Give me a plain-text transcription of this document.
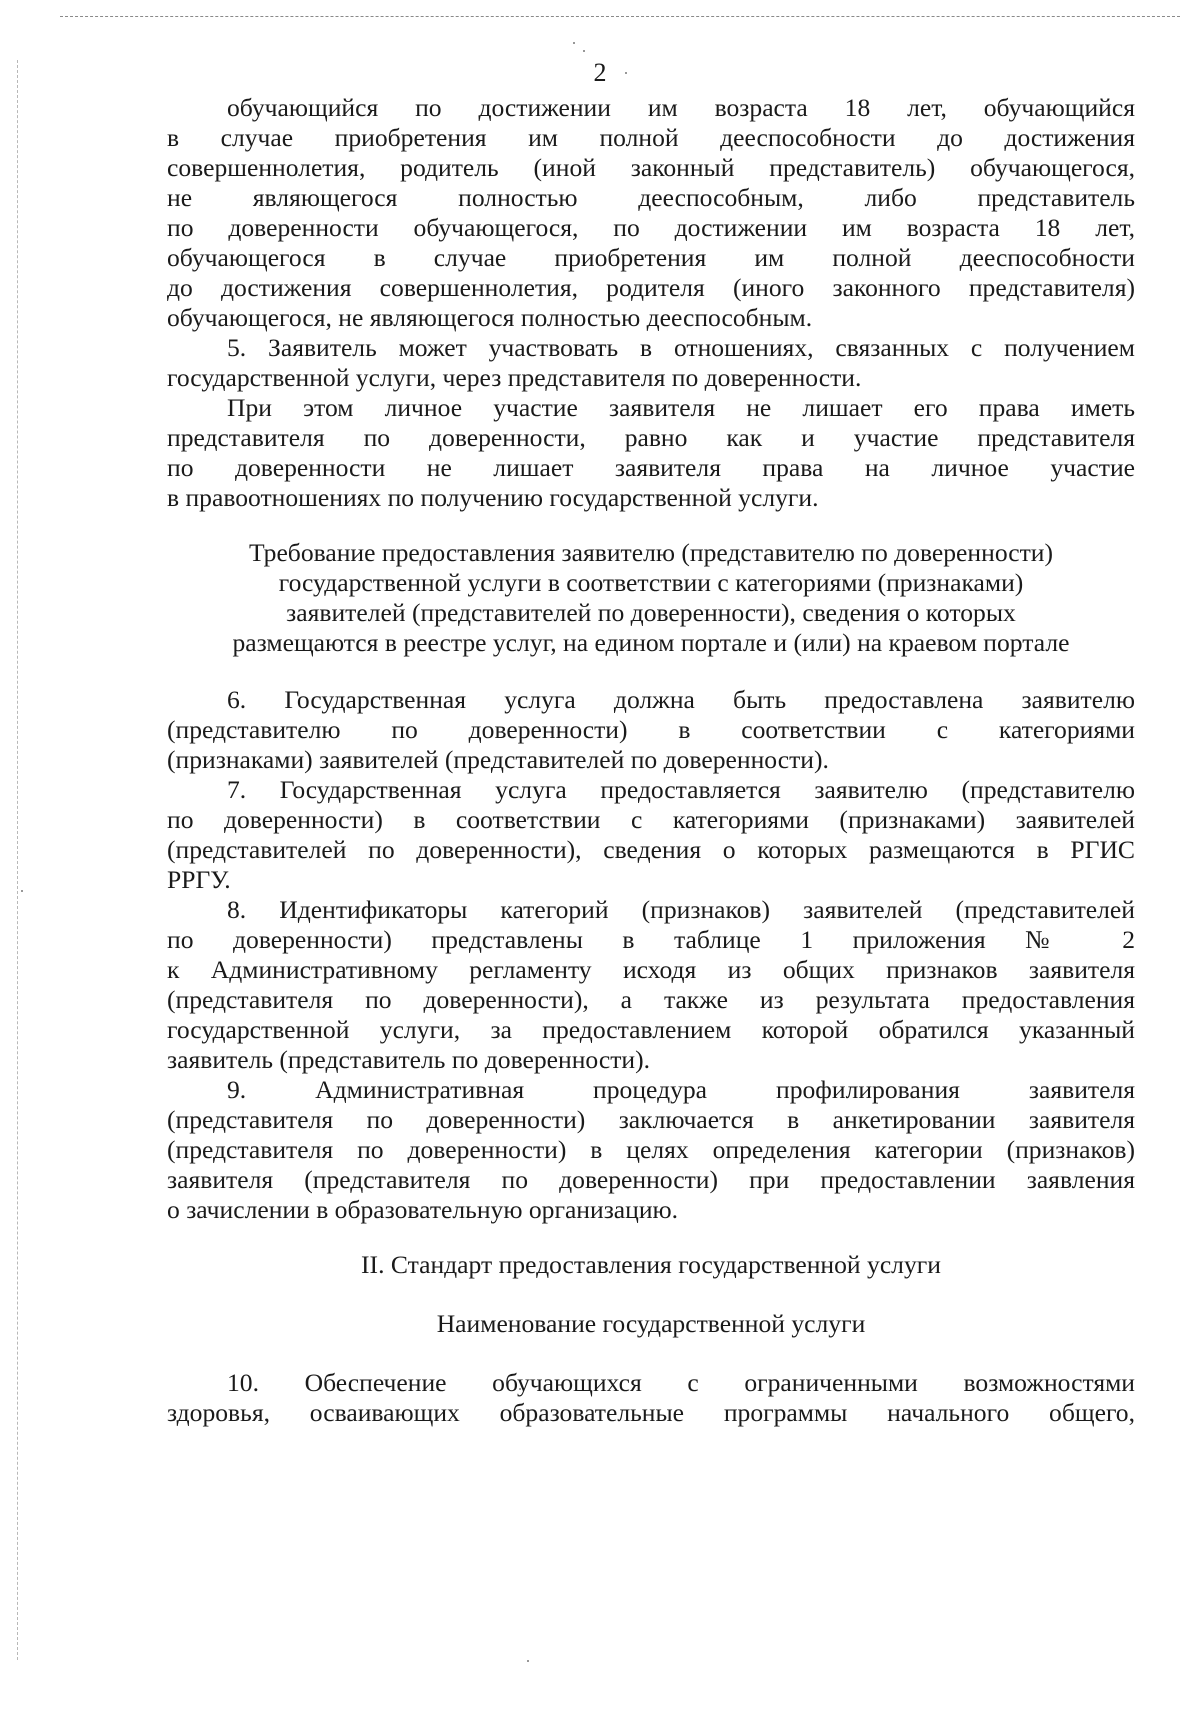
2
обучающийся по достижении им возраста 18 лет, обучающийся
в случае приобретения им полной дееспособности до достижения
совершеннолетия, родитель (иной законный представитель) обучающегося,
не являющегося полностью дееспособным, либо представитель
по доверенности обучающегося, по достижении им возраста 18 лет,
обучающегося в случае приобретения им полной дееспособности
до достижения совершеннолетия, родителя (иного законного представителя)
обучающегося, не являющегося полностью дееспособным.
5. Заявитель может участвовать в отношениях, связанных с получением
государственной услуги, через представителя по доверенности.
При этом личное участие заявителя не лишает его права иметь
представителя по доверенности, равно как и участие представителя
по доверенности не лишает заявителя права на личное участие
в правоотношениях по получению государственной услуги.
Требование предоставления заявителю (представителю по доверенности)
государственной услуги в соответствии с категориями (признаками)
заявителей (представителей по доверенности), сведения о которых
размещаются в реестре услуг, на едином портале и (или) на краевом портале
6. Государственная услуга должна быть предоставлена заявителю
(представителю по доверенности) в соответствии с категориями
(признаками) заявителей (представителей по доверенности).
7. Государственная услуга предоставляется заявителю (представителю
по доверенности) в соответствии с категориями (признаками) заявителей
(представителей по доверенности), сведения о которых размещаются в РГИС
РРГУ.
8. Идентификаторы категорий (признаков) заявителей (представителей
по доверенности) представлены в таблице 1 приложения № 2
к Административному регламенту исходя из общих признаков заявителя
(представителя по доверенности), а также из результата предоставления
государственной услуги, за предоставлением которой обратился указанный
заявитель (представитель по доверенности).
9. Административная процедура профилирования заявителя
(представителя по доверенности) заключается в анкетировании заявителя
(представителя по доверенности) в целях определения категории (признаков)
заявителя (представителя по доверенности) при предоставлении заявления
о зачислении в образовательную организацию.
II. Стандарт предоставления государственной услуги
Наименование государственной услуги
10. Обеспечение обучающихся с ограниченными возможностями
здоровья, осваивающих образовательные программы начального общего,
